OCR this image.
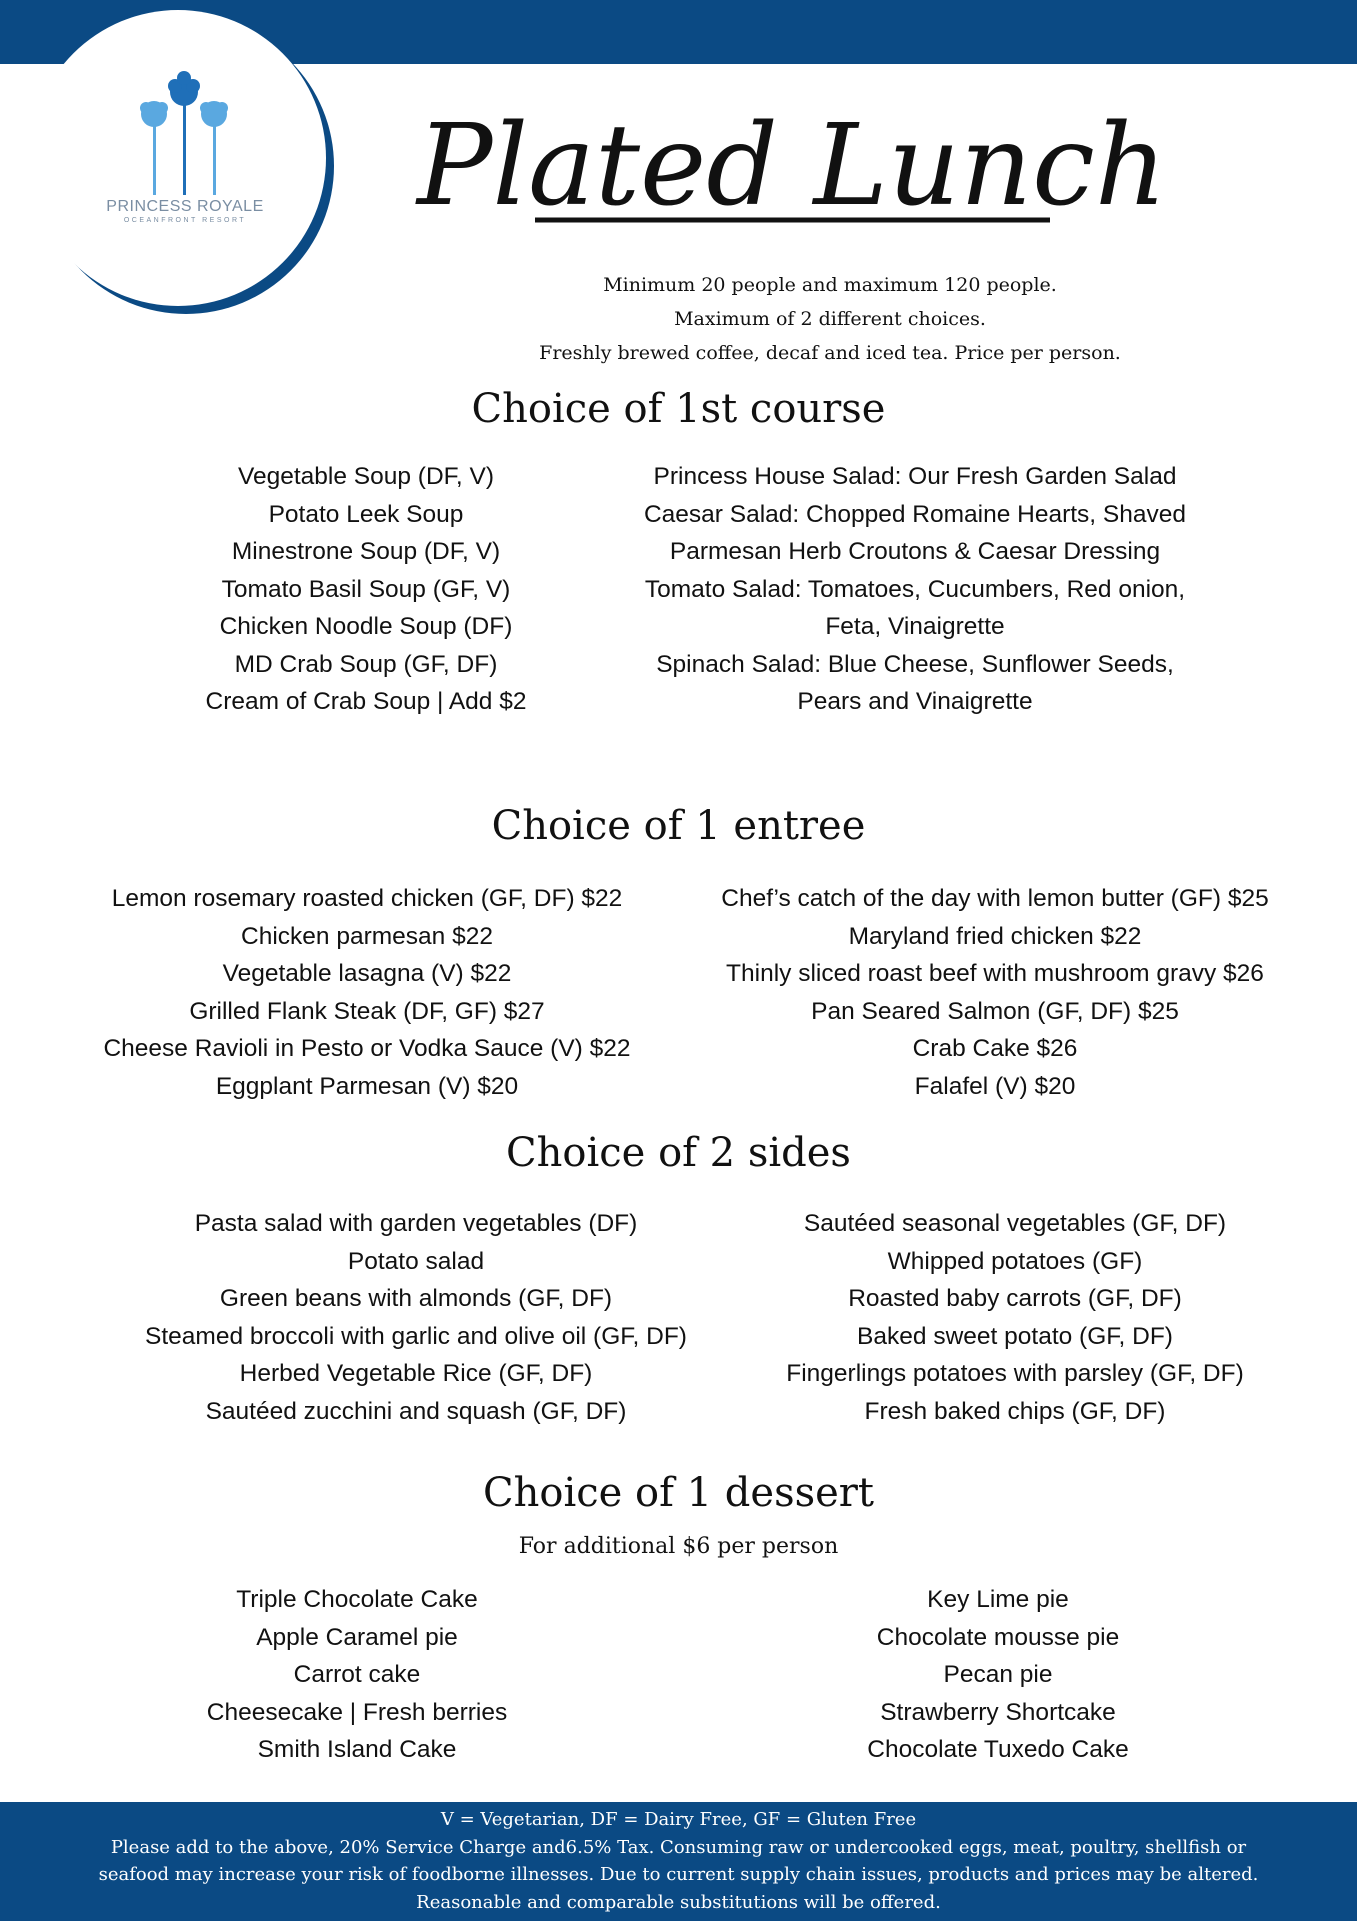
PRINCESS ROYALE
OCEANFRONT RESORT	Plated Lunch
Minimum 20 people and maximum 120 people.
Maximum of 2 different choices.
Freshly brewed coffee, decaf and iced tea. Price per person.
Choice of 1st course
Vegetable Soup (DF, V)
Potato Leek Soup
Minestrone Soup (DF, V)
Tomato Basil Soup (GF, V)
Chicken Noodle Soup (DF)
MD Crab Soup (GF, DF)
Cream of Crab Soup | Add $2
Princess House Salad: Our Fresh Garden Salad
Caesar Salad: Chopped Romaine Hearts, Shaved
Parmesan Herb Croutons & Caesar Dressing
Tomato Salad: Tomatoes, Cucumbers, Red onion,
Feta, Vinaigrette
Spinach Salad: Blue Cheese, Sunflower Seeds,
Pears and Vinaigrette
Choice of 1 entree
Lemon rosemary roasted chicken (GF, DF) $22
Chicken parmesan $22
Vegetable lasagna (V) $22
Grilled Flank Steak (DF, GF) $27
Cheese Ravioli in Pesto or Vodka Sauce (V) $22
Eggplant Parmesan (V) $20
Chef’s catch of the day with lemon butter (GF) $25
Maryland fried chicken $22
Thinly sliced roast beef with mushroom gravy $26
Pan Seared Salmon (GF, DF) $25
Crab Cake $26
Falafel (V) $20
Choice of 2 sides
Pasta salad with garden vegetables (DF)
Potato salad
Green beans with almonds (GF, DF)
Steamed broccoli with garlic and olive oil (GF, DF)
Herbed Vegetable Rice (GF, DF)
Sautéed zucchini and squash (GF, DF)
Sautéed seasonal vegetables (GF, DF)
Whipped potatoes (GF)
Roasted baby carrots (GF, DF)
Baked sweet potato (GF, DF)
Fingerlings potatoes with parsley (GF, DF)
Fresh baked chips (GF, DF)
Choice of 1 dessert
For additional $6 per person
Triple Chocolate Cake
Apple Caramel pie
Carrot cake
Cheesecake | Fresh berries
Smith Island Cake
Key Lime pie
Chocolate mousse pie
Pecan pie
Strawberry Shortcake
Chocolate Tuxedo Cake
V = Vegetarian, DF = Dairy Free, GF = Gluten Free
Please add to the above, 20% Service Charge and6.5% Tax. Consuming raw or undercooked eggs, meat, poultry, shellfish or
seafood may increase your risk of foodborne illnesses. Due to current supply chain issues, products and prices may be altered.
Reasonable and comparable substitutions will be offered.
